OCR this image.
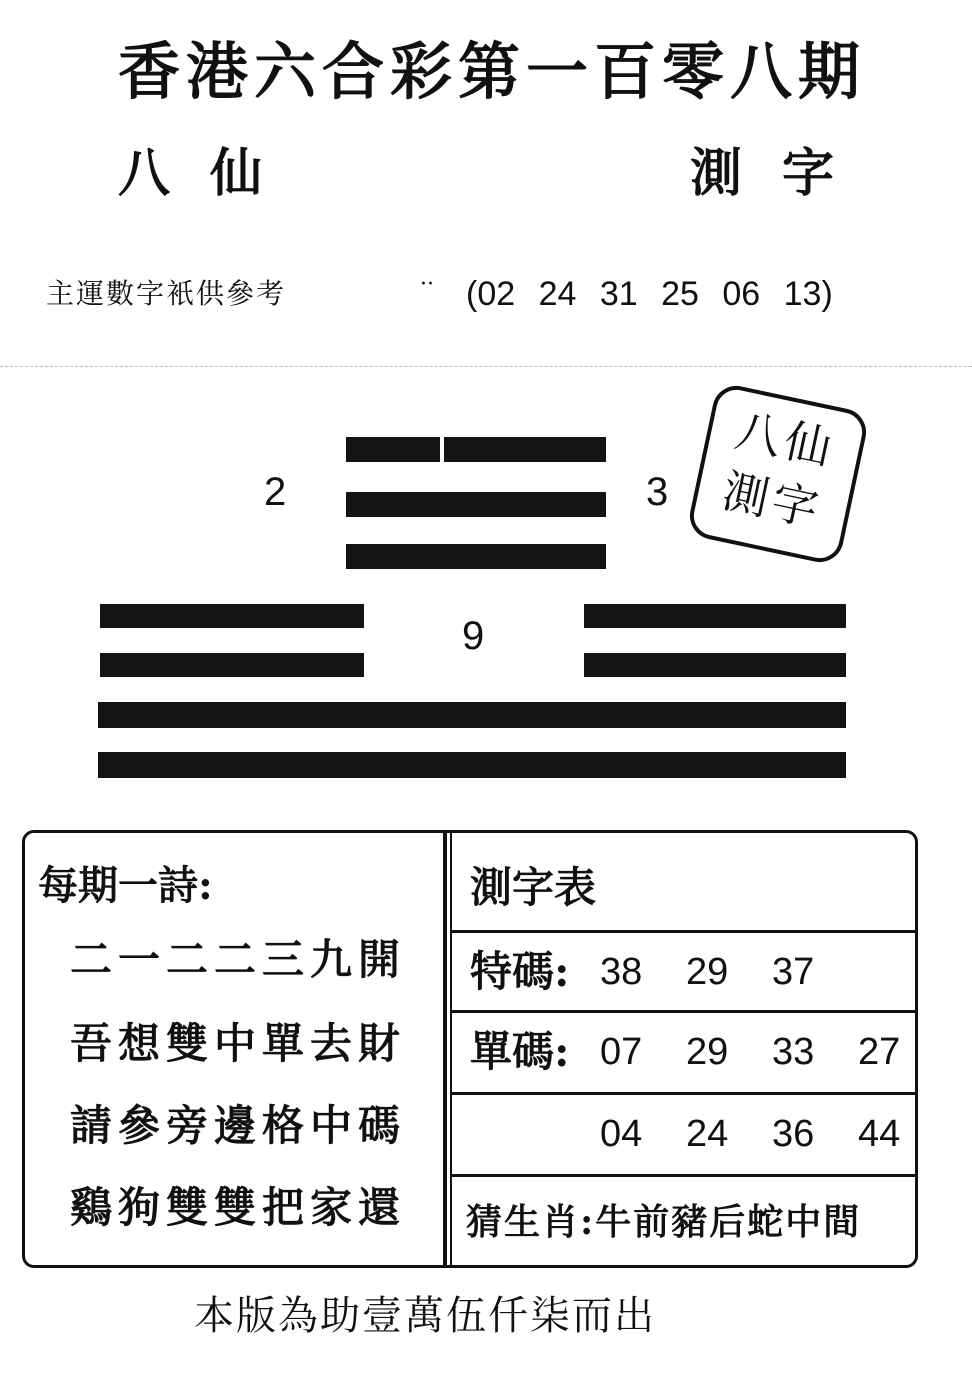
香港六合彩第一百零八期
八仙	測字
主運數字衹供參考	·· (02 24 31 25 06 13)
2	3
八仙
測字
9
每期一詩:
二一二二三九開
吾想雙中單去財
請參旁邊格中碼
鷄狗雙雙把家還
測字表
特碼: 38 29 37
單碼: 07 29 33 27
04 24 36 44
猜生肖:牛前豬后蛇中間
本版為助壹萬伍仟柒而出
